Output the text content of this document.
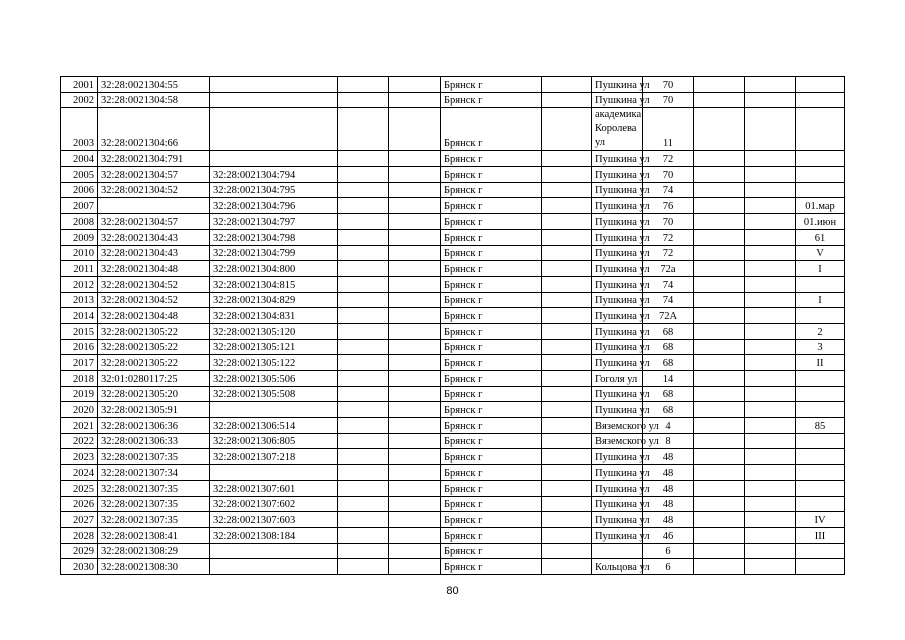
2001	32:28:0021304:55				Брянск г		Пушкина ул	70			
2002	32:28:0021304:58				Брянск г		Пушкина ул	70			
2003	32:28:0021304:66				Брянск г		академика Королева ул	11			
2004	32:28:0021304:791				Брянск г		Пушкина ул	72			
2005	32:28:0021304:57	32:28:0021304:794			Брянск г		Пушкина ул	70			
2006	32:28:0021304:52	32:28:0021304:795			Брянск г		Пушкина ул	74			
2007		32:28:0021304:796			Брянск г		Пушкина ул	76			01.мар
2008	32:28:0021304:57	32:28:0021304:797			Брянск г		Пушкина ул	70			01.июн
2009	32:28:0021304:43	32:28:0021304:798			Брянск г		Пушкина ул	72			61
2010	32:28:0021304:43	32:28:0021304:799			Брянск г		Пушкина ул	72			V
2011	32:28:0021304:48	32:28:0021304:800			Брянск г		Пушкина ул	72а			I
2012	32:28:0021304:52	32:28:0021304:815			Брянск г		Пушкина ул	74			
2013	32:28:0021304:52	32:28:0021304:829			Брянск г		Пушкина ул	74			I
2014	32:28:0021304:48	32:28:0021304:831			Брянск г		Пушкина ул	72А			
2015	32:28:0021305:22	32:28:0021305:120			Брянск г		Пушкина ул	68			2
2016	32:28:0021305:22	32:28:0021305:121			Брянск г		Пушкина ул	68			3
2017	32:28:0021305:22	32:28:0021305:122			Брянск г		Пушкина ул	68			II
2018	32:01:0280117:25	32:28:0021305:506			Брянск г		Гоголя ул	14			
2019	32:28:0021305:20	32:28:0021305:508			Брянск г		Пушкина ул	68			
2020	32:28:0021305:91				Брянск г		Пушкина ул	68			
2021	32:28:0021306:36	32:28:0021306:514			Брянск г		Вяземского ул	4			85
2022	32:28:0021306:33	32:28:0021306:805			Брянск г		Вяземского ул	8			
2023	32:28:0021307:35	32:28:0021307:218			Брянск г		Пушкина ул	48			
2024	32:28:0021307:34				Брянск г		Пушкина ул	48			
2025	32:28:0021307:35	32:28:0021307:601			Брянск г		Пушкина ул	48			
2026	32:28:0021307:35	32:28:0021307:602			Брянск г		Пушкина ул	48			
2027	32:28:0021307:35	32:28:0021307:603			Брянск г		Пушкина ул	48			IV
2028	32:28:0021308:41	32:28:0021308:184			Брянск г		Пушкина ул	46			III
2029	32:28:0021308:29				Брянск г			6			
2030	32:28:0021308:30				Брянск г		Кольцова ул	6			
80
